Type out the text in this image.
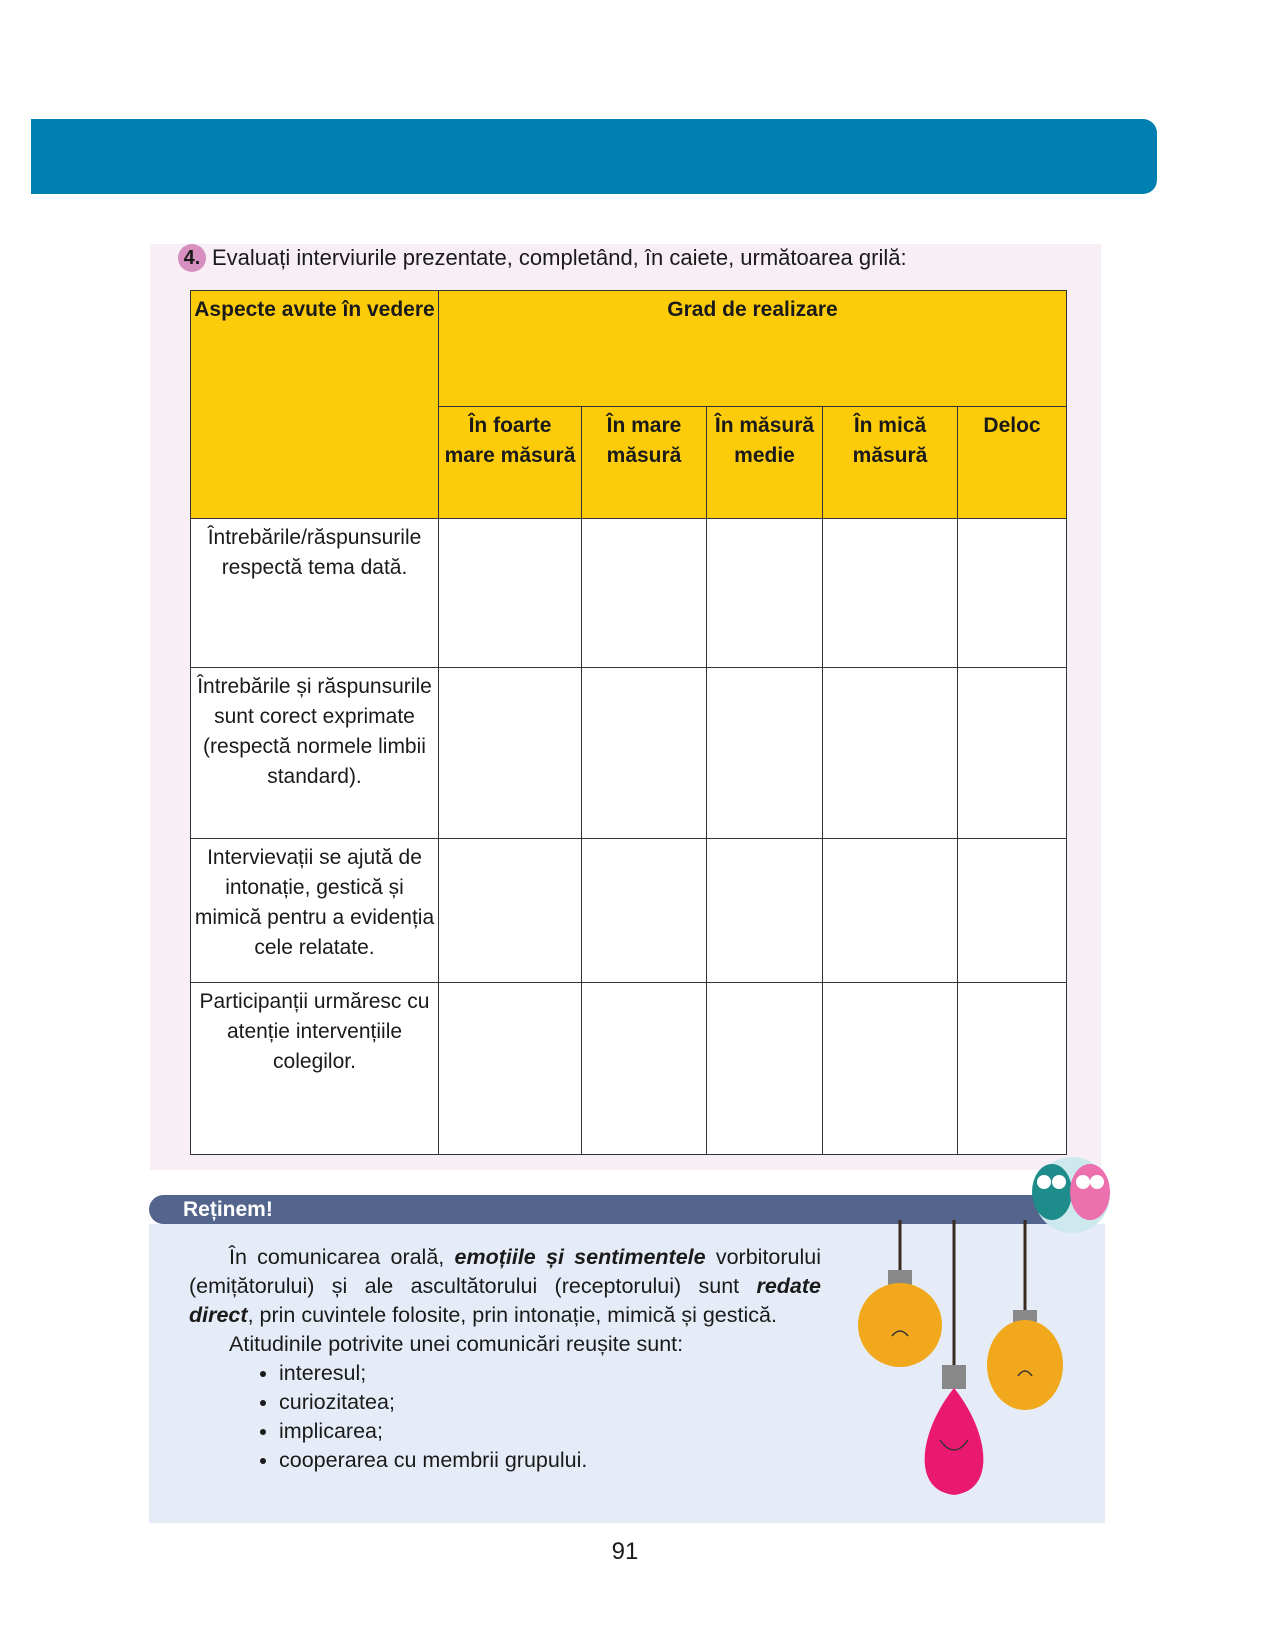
4. Evaluați interviurile prezentate, completând, în caiete, următoarea grilă:
Aspecte avute în vedere	Grad de realizare				
	În foarte mare măsură	În mare măsură	În măsură medie	În mică măsură	Deloc
Întrebările/răspunsurile respectă tema dată.					
Întrebările și răspunsurile sunt corect exprimate (respectă normele limbii standard).					
Intervievații se ajută de intonație, gestică și mimică pentru a evidenția cele relatate.					
Participanții urmăresc cu atenție intervențiile colegilor.					
Reținem!

În comunicarea orală, emoțiile și sentimentele vorbitorului (emițătorului) și ale ascultătorului (receptorului) sunt redate direct, prin cuvintele folosite, prin intonație, mimică și gestică.

Atitudinile potrivite unei comunicări reușite sunt:

• interesul;
• curiozitatea;
• implicarea;
• cooperarea cu membrii grupului.
91
